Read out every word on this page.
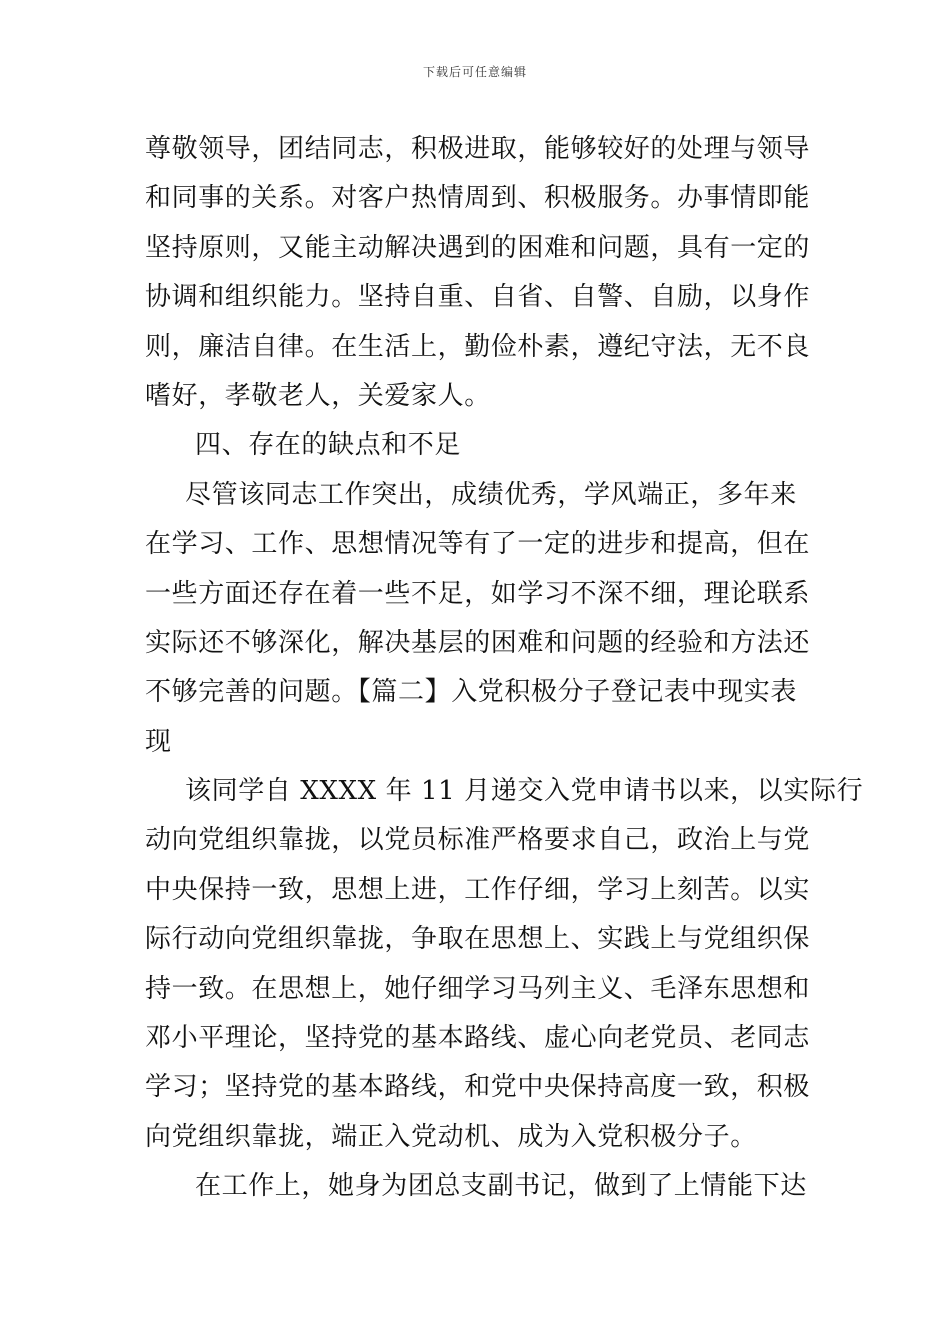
下载后可任意编辑
尊敬领导，团结同志，积极进取，能够较好的处理与领导
和同事的关系。对客户热情周到、积极服务。办事情即能
坚持原则，又能主动解决遇到的困难和问题，具有一定的
协调和组织能力。坚持自重、自省、自警、自励，以身作
则，廉洁自律。在生活上，勤俭朴素，遵纪守法，无不良
嗜好，孝敬老人，关爱家人。
四、存在的缺点和不足
尽管该同志工作突出，成绩优秀，学风端正，多年来
在学习、工作、思想情况等有了一定的进步和提高，但在
一些方面还存在着一些不足，如学习不深不细，理论联系
实际还不够深化，解决基层的困难和问题的经验和方法还
不够完善的问题。【篇二】入党积极分子登记表中现实表
现
该同学自 XXXX 年 11 月递交入党申请书以来，以实际行
动向党组织靠拢，以党员标准严格要求自己，政治上与党
中央保持一致，思想上进，工作仔细，学习上刻苦。以实
际行动向党组织靠拢，争取在思想上、实践上与党组织保
持一致。在思想上，她仔细学习马列主义、毛泽东思想和
邓小平理论，坚持党的基本路线、虚心向老党员、老同志
学习；坚持党的基本路线，和党中央保持高度一致，积极
向党组织靠拢，端正入党动机、成为入党积极分子。
在工作上，她身为团总支副书记，做到了上情能下达
